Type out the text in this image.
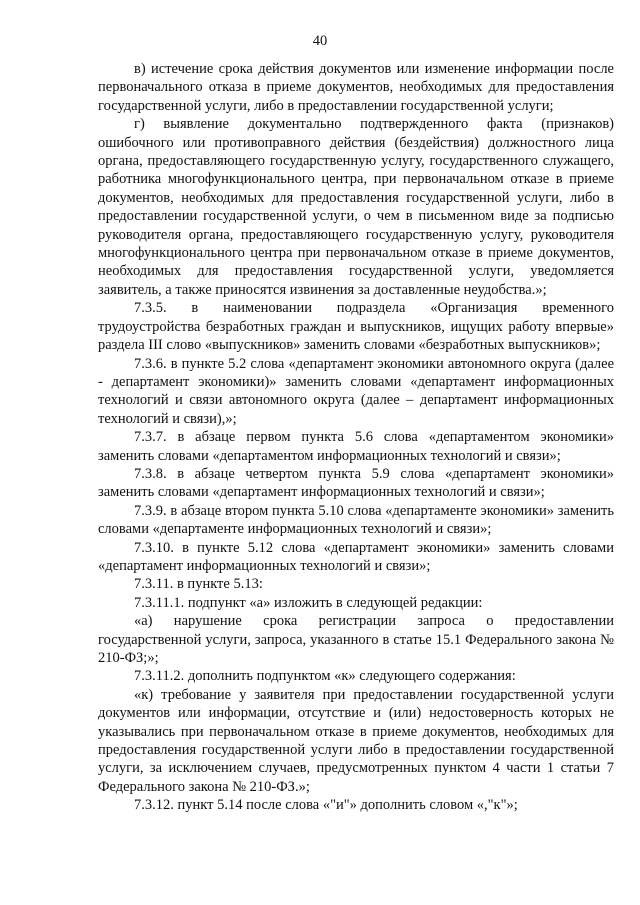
40

в) истечение срока действия документов или изменение информации после первоначального отказа в приеме документов, необходимых для предоставления государственной услуги, либо в предоставлении государственной услуги;

г) выявление документально подтвержденного факта (признаков) ошибочного или противоправного действия (бездействия) должностного лица органа, предоставляющего государственную услугу, государственного служащего, работника многофункционального центра, при первоначальном отказе в приеме документов, необходимых для предоставления государственной услуги, либо в предоставлении государственной услуги, о чем в письменном виде за подписью руководителя органа, предоставляющего государственную услугу, руководителя многофункционального центра при первоначальном отказе в приеме документов, необходимых для предоставления государственной услуги, уведомляется заявитель, а также приносятся извинения за доставленные неудобства.»;

7.3.5. в наименовании подраздела «Организация временного трудоустройства безработных граждан и выпускников, ищущих работу впервые» раздела III слово «выпускников» заменить словами «безработных выпускников»;

7.3.6. в пункте 5.2 слова «департамент экономики автономного округа (далее - департамент экономики)» заменить словами «департамент информационных технологий и связи автономного округа (далее – департамент информационных технологий и связи),»;

7.3.7. в абзаце первом пункта 5.6 слова «департаментом экономики» заменить словами «департаментом информационных технологий и связи»;

7.3.8. в абзаце четвертом пункта 5.9 слова «департамент экономики» заменить словами «департамент информационных технологий и связи»;

7.3.9. в абзаце втором пункта 5.10 слова «департаменте экономики» заменить словами «департаменте информационных технологий и связи»;

7.3.10. в пункте 5.12 слова «департамент экономики» заменить словами «департамент информационных технологий и связи»;

7.3.11. в пункте 5.13:

7.3.11.1. подпункт «а» изложить в следующей редакции:

«а) нарушение срока регистрации запроса о предоставлении государственной услуги, запроса, указанного в статье 15.1 Федерального закона № 210-ФЗ;»;

7.3.11.2. дополнить подпунктом «к» следующего содержания:

«к) требование у заявителя при предоставлении государственной услуги документов или информации, отсутствие и (или) недостоверность которых не указывались при первоначальном отказе в приеме документов, необходимых для предоставления государственной услуги либо в предоставлении государственной услуги, за исключением случаев, предусмотренных пунктом 4 части 1 статьи 7 Федерального закона № 210-ФЗ.»;

7.3.12. пункт 5.14 после слова «"и"» дополнить словом «,"к"»;
